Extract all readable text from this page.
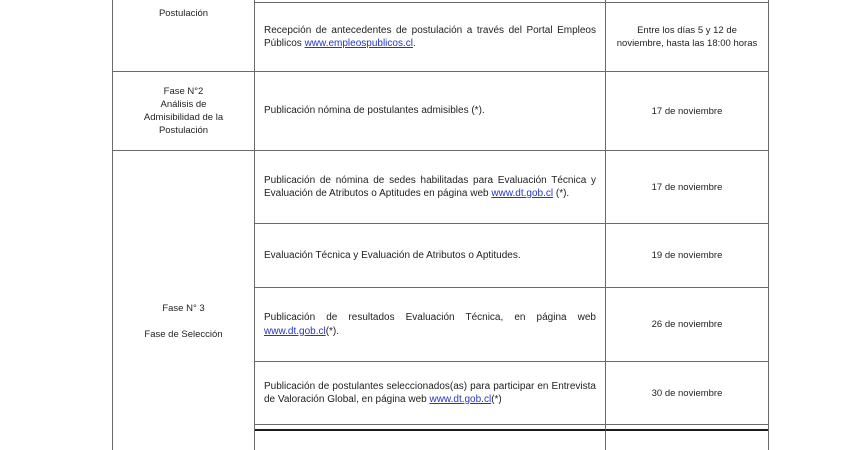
Postulación
Fase N°2
Análisis de
Admisibilidad de la
Postulación
Fase N° 3
Fase de Selección
Recepción de antecedentes de postulación a través del Portal Empleos Públicos www.empleospublicos.cl.
Entre los días 5 y 12 de noviembre, hasta las 18:00 horas
Publicación nómina de postulantes admisibles (*).	17 de noviembre
Publicación de nómina de sedes habilitadas para Evaluación Técnica y Evaluación de Atributos o Aptitudes en página web www.dt.gob.cl (*).
17 de noviembre
Evaluación Técnica y Evaluación de Atributos o Aptitudes.	19 de noviembre
Publicación de resultados Evaluación Técnica, en página web www.dt.gob.cl(*).
26 de noviembre
Publicación de postulantes seleccionados(as) para participar en Entrevista de Valoración Global, en página web www.dt.gob.cl(*)
30 de noviembre
